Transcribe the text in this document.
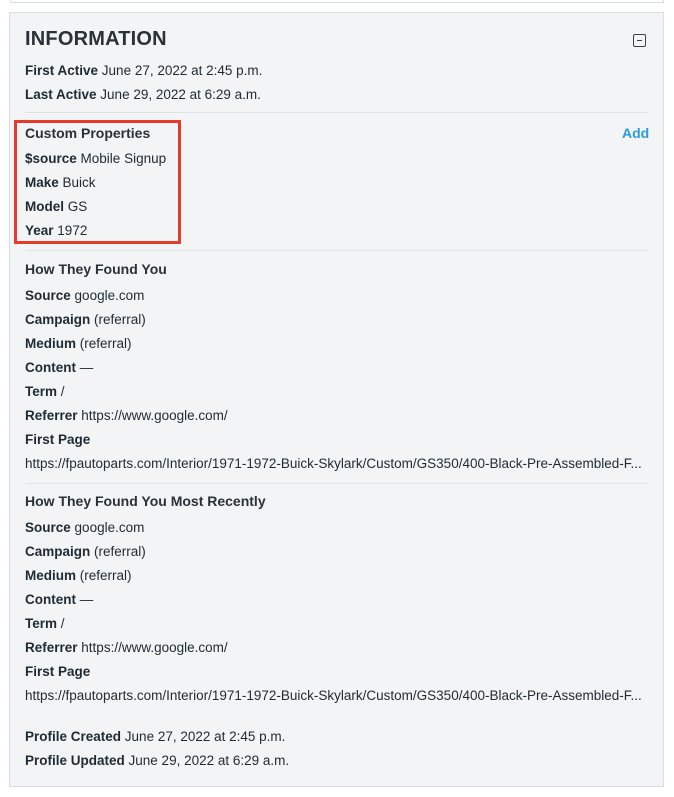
INFORMATION
First Active June 27, 2022 at 2:45 p.m.
Last Active June 29, 2022 at 6:29 a.m.
Custom Properties	Add
$source Mobile Signup
Make Buick
Model GS
Year 1972
How They Found You
Source google.com
Campaign (referral)
Medium (referral)
Content —
Term /
Referrer https://www.google.com/
First Page
https://fpautoparts.com/Interior/1971-1972-Buick-Skylark/Custom/GS350/400-Black-Pre-Assembled-F...
How They Found You Most Recently
Source google.com
Campaign (referral)
Medium (referral)
Content —
Term /
Referrer https://www.google.com/
First Page
https://fpautoparts.com/Interior/1971-1972-Buick-Skylark/Custom/GS350/400-Black-Pre-Assembled-F...
Profile Created June 27, 2022 at 2:45 p.m.
Profile Updated June 29, 2022 at 6:29 a.m.
